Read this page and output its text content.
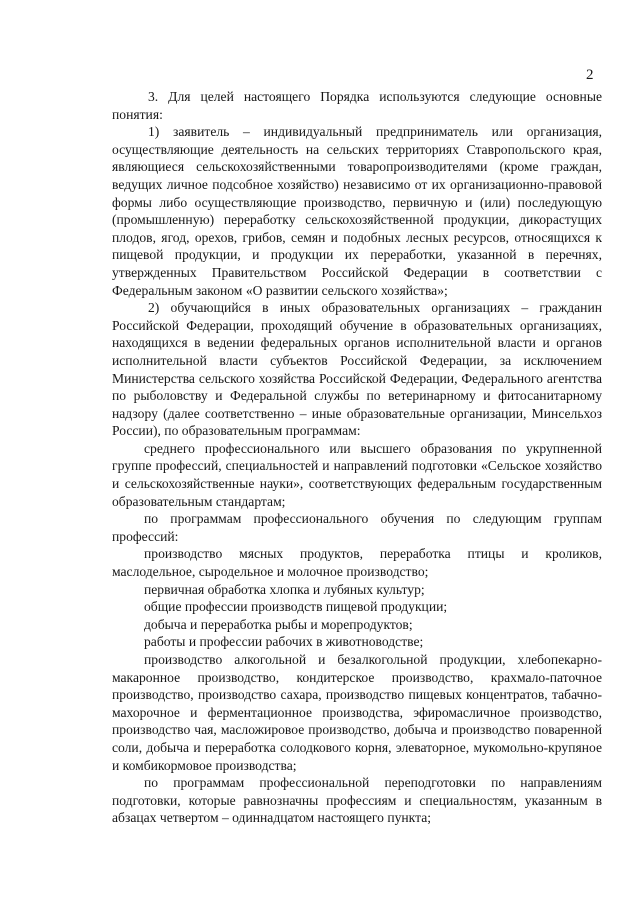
2

3. Для целей настоящего Порядка используются следующие основные понятия:

1) заявитель – индивидуальный предприниматель или организация, осуществляющие деятельность на сельских территориях Ставропольского края, являющиеся сельскохозяйственными товаропроизводителями (кроме граждан, ведущих личное подсобное хозяйство) независимо от их организационно-правовой формы либо осуществляющие производство, первичную и (или) последующую (промышленную) переработку сельскохозяйственной продукции, дикорастущих плодов, ягод, орехов, грибов, семян и подобных лесных ресурсов, относящихся к пищевой продукции, и продукции их переработки, указанной в перечнях, утвержденных Правительством Российской Федерации в соответствии с Федеральным законом «О развитии сельского хозяйства»;

2) обучающийся в иных образовательных организациях – гражданин Российской Федерации, проходящий обучение в образовательных организациях, находящихся в ведении федеральных органов исполнительной власти и органов исполнительной власти субъектов Российской Федерации, за исключением Министерства сельского хозяйства Российской Федерации, Федерального агентства по рыболовству и Федеральной службы по ветеринарному и фитосанитарному надзору (далее соответственно – иные образовательные организации, Минсельхоз России), по образовательным программам:

среднего профессионального или высшего образования по укрупненной группе профессий, специальностей и направлений подготовки «Сельское хозяйство и сельскохозяйственные науки», соответствующих федеральным государственным образовательным стандартам;

по программам профессионального обучения по следующим группам профессий:

производство мясных продуктов, переработка птицы и кроликов, маслодельное, сыродельное и молочное производство;

первичная обработка хлопка и лубяных культур;

общие профессии производств пищевой продукции;

добыча и переработка рыбы и морепродуктов;

работы и профессии рабочих в животноводстве;

производство алкогольной и безалкогольной продукции, хлебопекарно-макаронное производство, кондитерское производство, крахмало-паточное производство, производство сахара, производство пищевых концентратов, табачно-махорочное и ферментационное производства, эфиромасличное производство, производство чая, масложировое производство, добыча и производство поваренной соли, добыча и переработка солодкового корня, элеваторное, мукомольно-крупяное и комбикормовое производства;

по программам профессиональной переподготовки по направлениям подготовки, которые равнозначны профессиям и специальностям, указанным в абзацах четвертом – одиннадцатом настоящего пункта;
